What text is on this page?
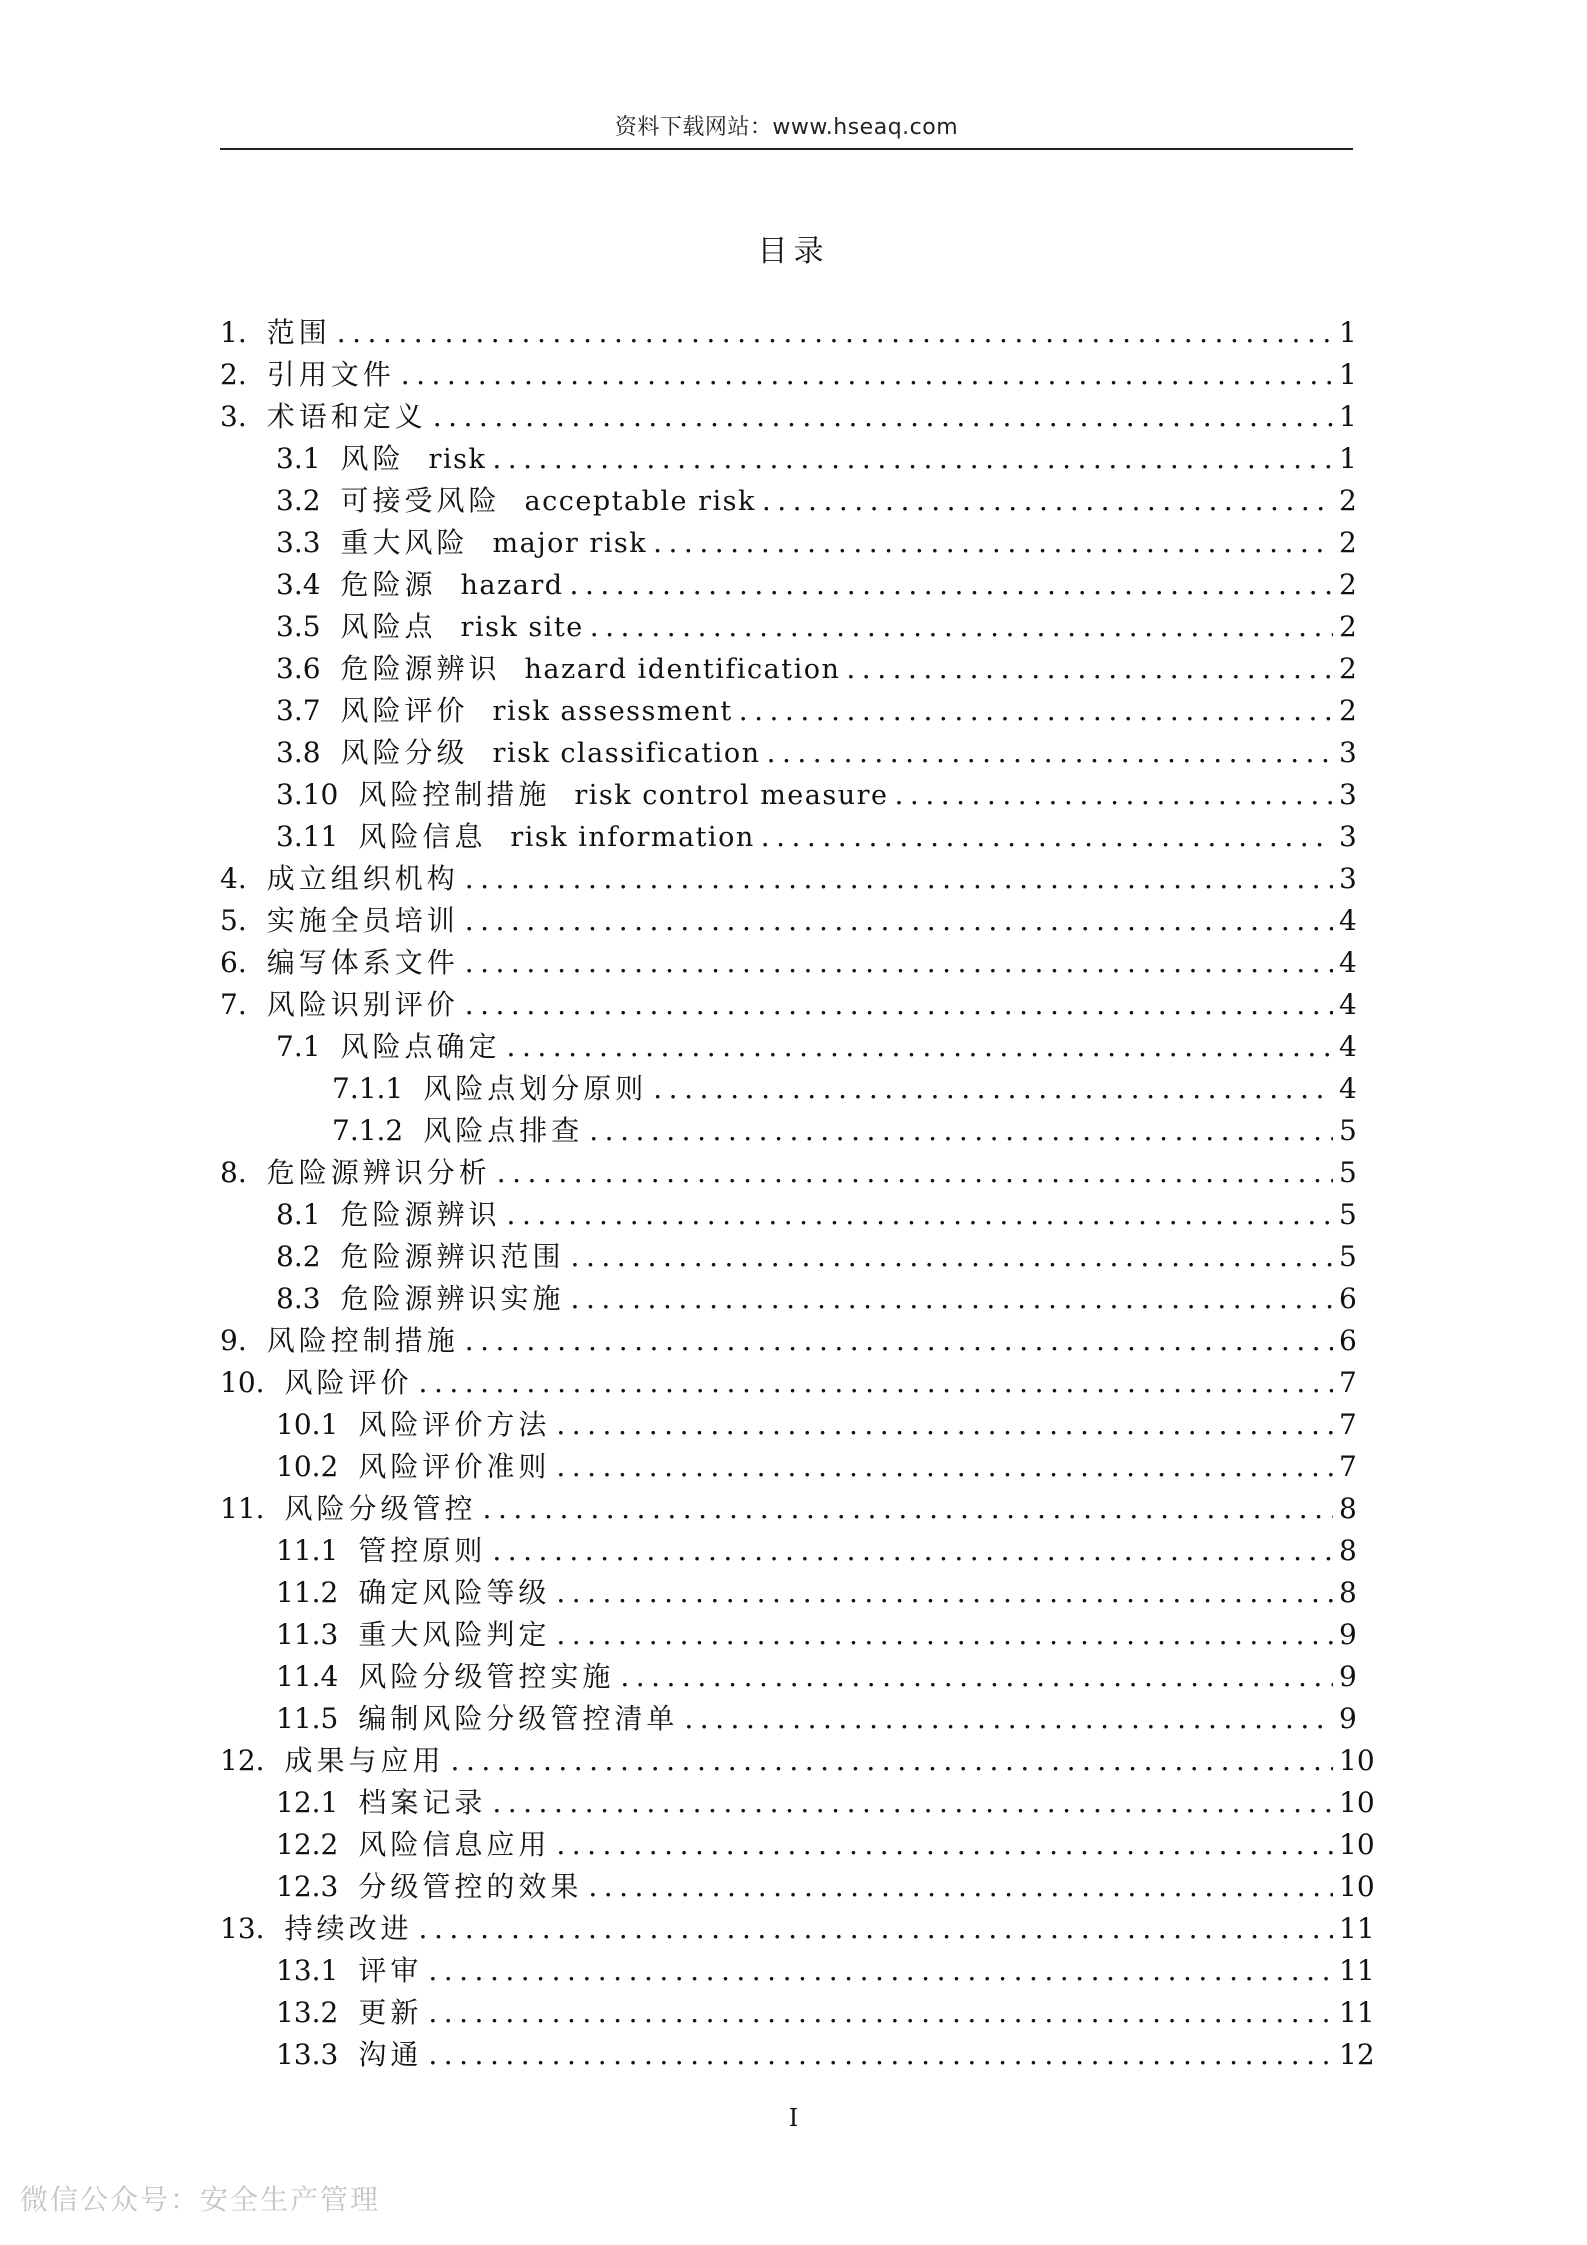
资料下载网站：www.hseaq.com
目录
1. 范围 .....	1
2. 引用文件 .....	1
3. 术语和定义 .....	1
3.1 风险 risk .....	1
3.2 可接受风险 acceptable risk .....	2
3.3 重大风险 major risk .....	2
3.4 危险源 hazard .....	2
3.5 风险点 risk site .....	2
3.6 危险源辨识 hazard identification .....	2
3.7 风险评价 risk assessment .....	2
3.8 风险分级 risk classification .....	3
3.10 风险控制措施 risk control measure .....	3
3.11 风险信息 risk information .....	3
4. 成立组织机构 .....	3
5. 实施全员培训 .....	4
6. 编写体系文件 .....	4
7. 风险识别评价 .....	4
7.1 风险点确定 .....	4
7.1.1 风险点划分原则 .....	4
7.1.2 风险点排查 .....	5
8. 危险源辨识分析 .....	5
8.1 危险源辨识 .....	5
8.2 危险源辨识范围 .....	5
8.3 危险源辨识实施 .....	6
9. 风险控制措施 .....	6
10. 风险评价 .....	7
10.1 风险评价方法 .....	7
10.2 风险评价准则 .....	7
11. 风险分级管控 .....	8
11.1 管控原则 .....	8
11.2 确定风险等级 .....	8
11.3 重大风险判定 .....	9
11.4 风险分级管控实施 .....	9
11.5 编制风险分级管控清单 .....	9
12. 成果与应用 .....	10
12.1 档案记录 .....	10
12.2 风险信息应用 .....	10
12.3 分级管控的效果 .....	10
13. 持续改进 .....	11
13.1 评审 .....	11
13.2 更新 .....	11
13.3 沟通 .....	12
I
微信公众号：安全生产管理
